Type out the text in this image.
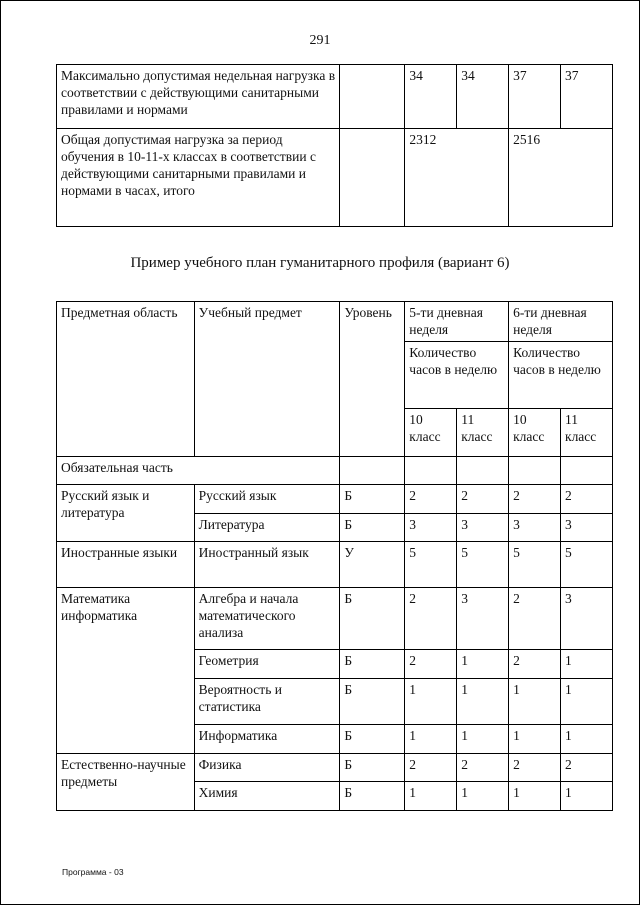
291
Максимально допустимая недельная нагрузка в соответствии с действующими санитарными правилами и нормами		34	34	37	37
Общая допустимая нагрузка за период обучения в 10-11-х классах в соответствии с действующими санитарными правилами и нормами в часах, итого		2312		2516	
Пример учебного план гуманитарного профиля (вариант 6)
Предметная область	Учебный предмет	Уровень	5-ти дневная неделя		6-ти дневная неделя	
			Количество часов в неделю		Количество часов в неделю	
			10 класс	11 класс	10 класс	11 класс
Обязательная часть						
Русский язык и литература	Русский язык	Б	2	2	2	2
	Литература	Б	3	3	3	3
Иностранные языки	Иностранный язык	У	5	5	5	5
Математика информатика	Алгебра и начала математического анализа	Б	2	3	2	3
	Геометрия	Б	2	1	2	1
	Вероятность и статистика	Б	1	1	1	1
	Информатика	Б	1	1	1	1
Естественно-научные предметы	Физика	Б	2	2	2	2
	Химия	Б	1	1	1	1
Программа - 03
